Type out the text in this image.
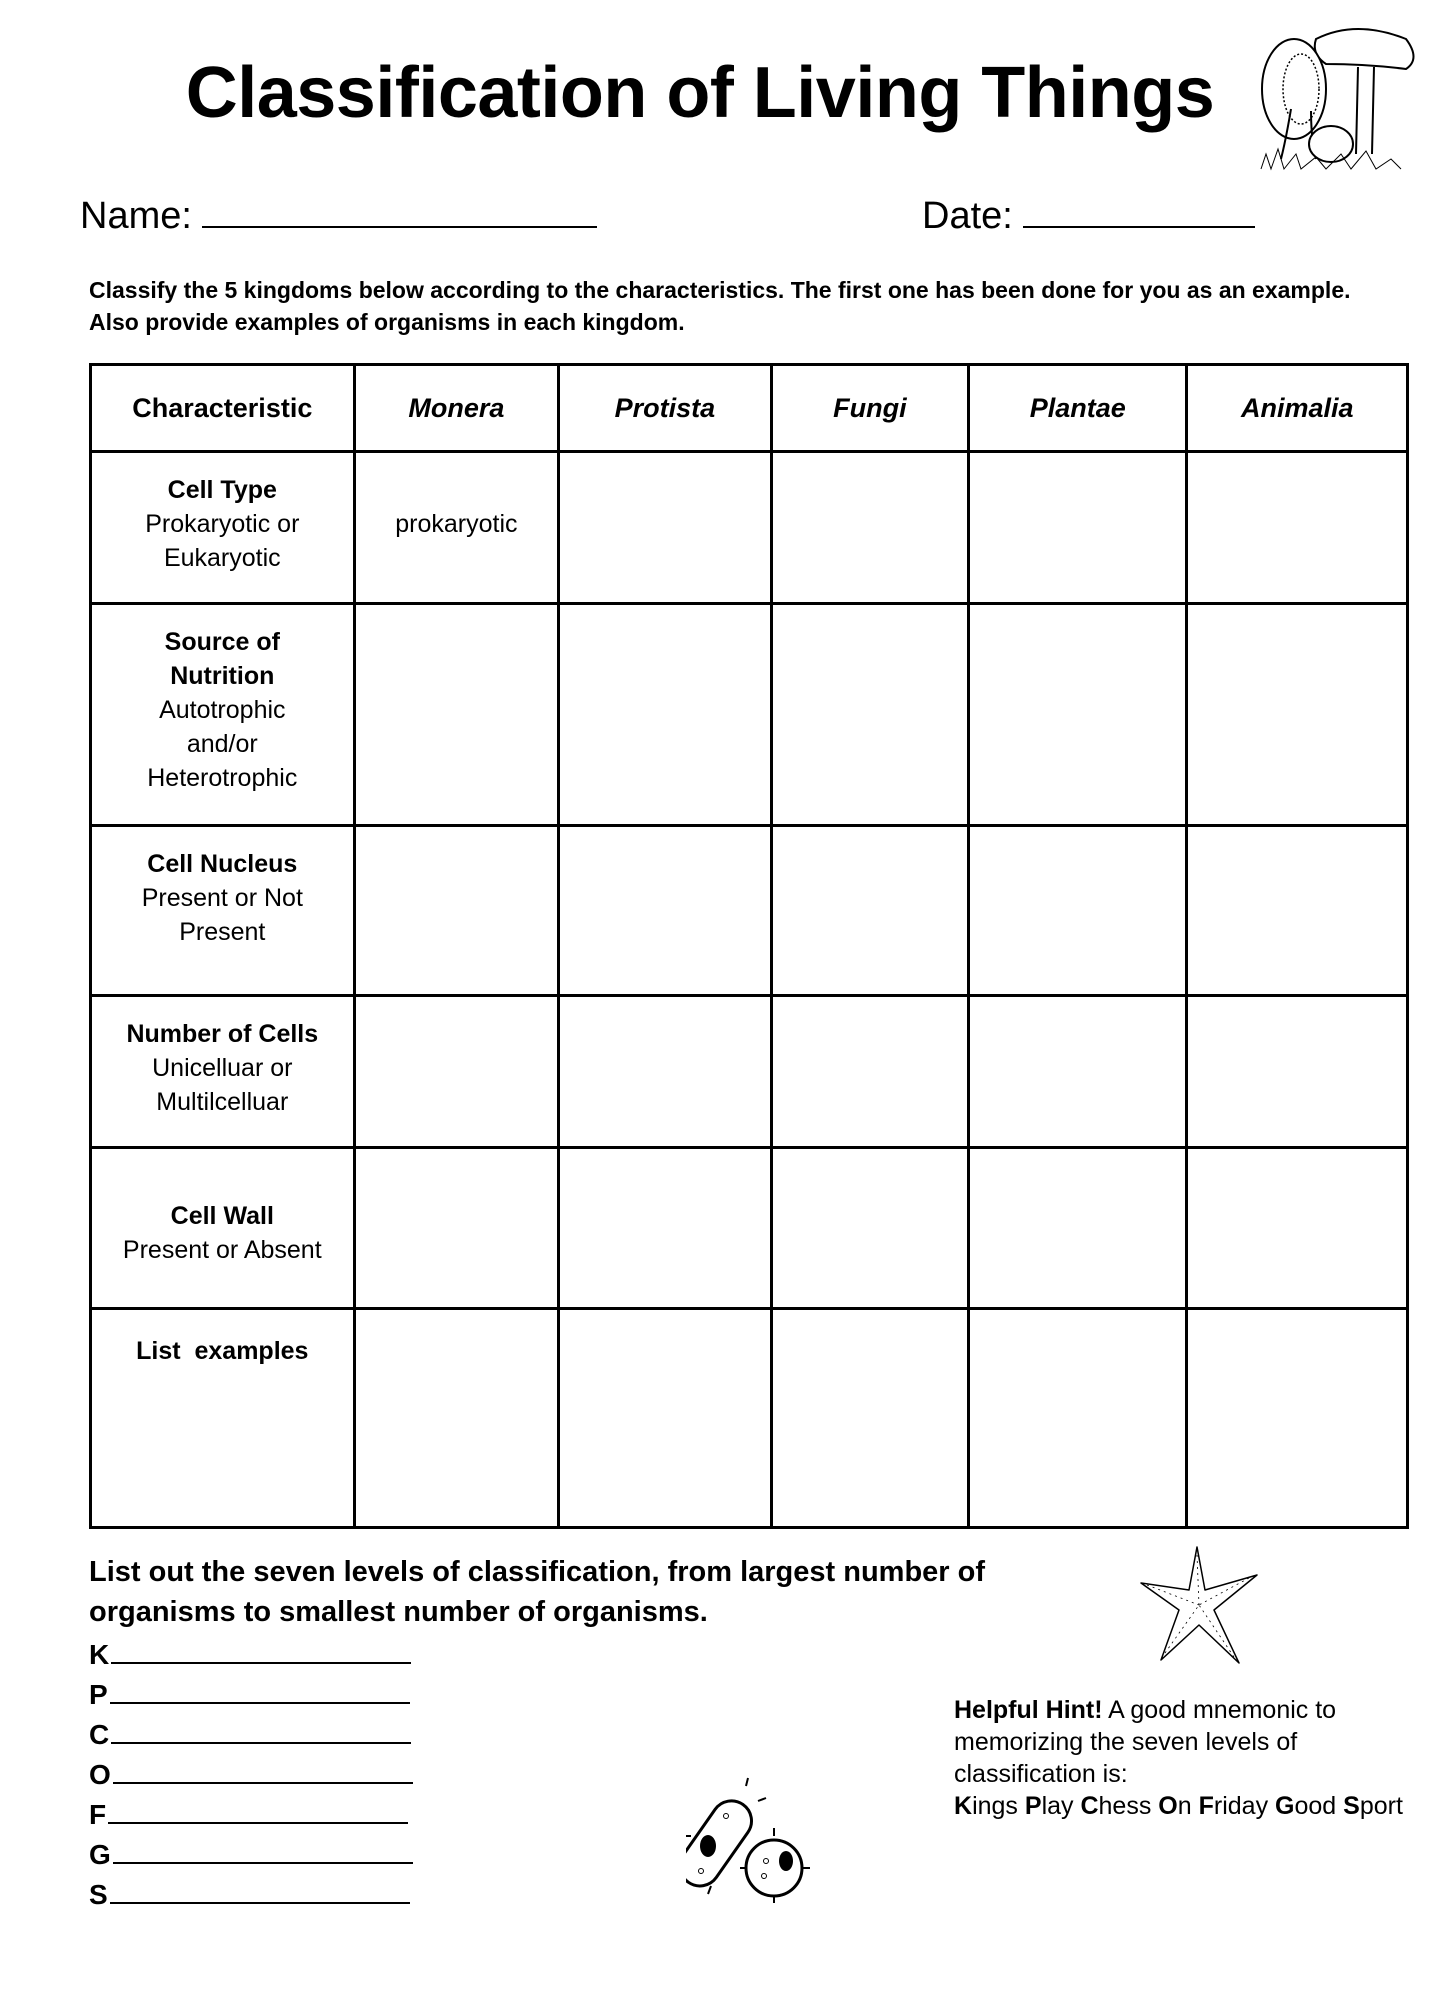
Classification of Living Things
Name:	Date:
Classify the 5 kingdoms below according to the characteristics. The first one has been done for you as an example. Also provide examples of organisms in each kingdom.
Characteristic	Monera	Protista	Fungi	Plantae	Animalia

Cell Type
Prokaryotic or
Eukaryotic	prokaryotic				

Source of
Nutrition
Autotrophic
and/or
Heterotrophic					

Cell Nucleus
Present or Not
Present					

Number of Cells
Unicelluar or
Multilcelluar					

Cell Wall
Present or Absent					

List  examples					

List out the seven levels of classification, from largest number of organisms to smallest number of organisms.
K
P
C
O
F
G
S
Helpful Hint! A good mnemonic to memorizing the seven levels of classification is:
Kings Play Chess On Friday Good Sport
